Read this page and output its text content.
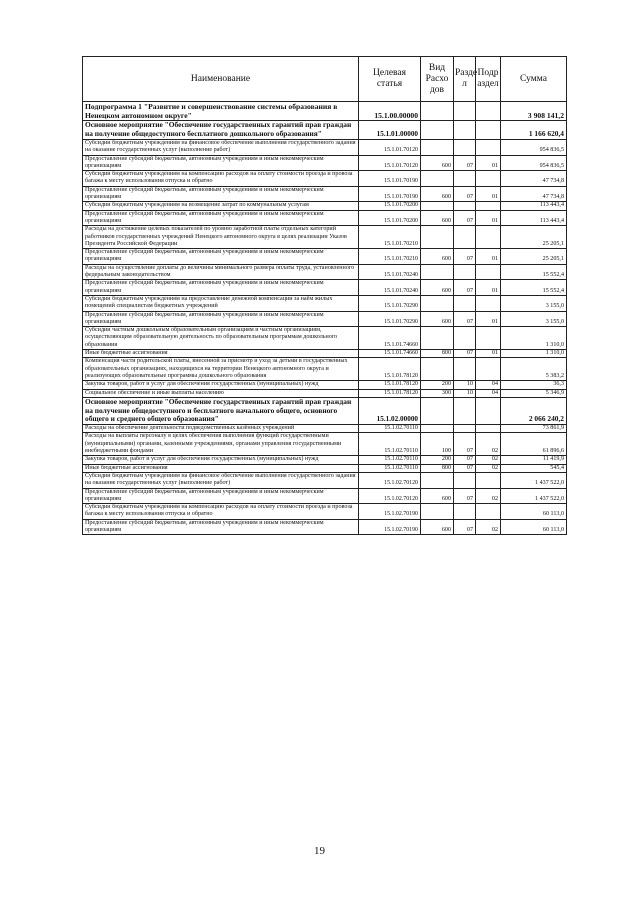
Наименование	Целевая статья	Вид Расхо дов	Разде л	Подр аздел	Сумма
Подпрограмма 1 "Развитие и совершенствование системы образования в Ненецком автономном округе"	15.1.00.00000				3 908 141,2
Основное мероприятие "Обеспечение государственных гарантий прав граждан на получение общедоступного бесплатного дошкольного образования"	15.1.01.00000				1 166 620,4
Субсидии бюджетным учреждениям на финансовое обеспечение выполнения государственного задания на оказание государственных услуг (выполнение работ)	15.1.01.70120				954 836,5
Предоставление субсидий бюджетным, автономным учреждениям и иным некоммерческим организациям	15.1.01.70120	600	07	01	954 836,5
Субсидии бюджетным учреждениям на компенсацию расходов на оплату стоимости проезда и провоза багажа к месту использования отпуска и обратно	15.1.01.70190				47 734,8
Предоставление субсидий бюджетным, автономным учреждениям и иным некоммерческим организациям	15.1.01.70190	600	07	01	47 734,8
Субсидии бюджетным учреждениям на возмещение затрат по коммунальным услугам	15.1.01.70200				113 443,4
Предоставление субсидий бюджетным, автономным учреждениям и иным некоммерческим организациям	15.1.01.70200	600	07	01	113 443,4
Расходы на достижение целевых показателей по уровню заработной платы отдельных категорий работников государственных учреждений Ненецкого автономного округа в целях реализации Указов Президента Российской Федерации	15.1.01.70210				25 205,1
Предоставление субсидий бюджетным, автономным учреждениям и иным некоммерческим организациям	15.1.01.70210	600	07	01	25 205,1
Расходы на осуществление доплаты до величины минимального размера оплаты труда, установленного федеральным законодательством	15.1.01.70240				15 552,4
Предоставление субсидий бюджетным, автономным учреждениям и иным некоммерческим организациям	15.1.01.70240	600	07	01	15 552,4
Субсидии бюджетным учреждениям на предоставление денежной компенсации за наём жилых помещений специалистам бюджетных учреждений	15.1.01.70290				3 155,0
Предоставление субсидий бюджетным, автономным учреждениям и иным некоммерческим организациям	15.1.01.70290	600	07	01	3 155,0
Субсидии частным дошкольным образовательным организациям и частным организациям, осуществляющим образовательную деятельность по образовательным программам дошкольного образования	15.1.01.74660				1 310,0
Иные бюджетные ассигнования	15.1.01.74660	800	07	01	1 310,0
Компенсация части родительской платы, внесенной за присмотр и уход за детьми в государственных образовательных организациях, находящихся на территории Ненецкого автономного округа и реализующих образовательные программы дошкольного образования	15.1.01.78120				5 383,2
Закупка товаров, работ и услуг для обеспечения государственных (муниципальных) нужд	15.1.01.78120	200	10	04	36,3
Социальное обеспечение и иные выплаты населению	15.1.01.78120	300	10	04	5 346,9
Основное мероприятие "Обеспечение государственных гарантий прав граждан на получение общедоступного и бесплатного начального общего, основного общего и среднего общего образования"	15.1.02.00000				2 066 240,2
Расходы на обеспечение деятельности подведомственных казённых учреждений	15.1.02.70110				73 861,9
Расходы на выплаты персоналу в целях обеспечения выполнения функций государственными (муниципальными) органами, казенными учреждениями, органами управления государственными внебюджетными фондами	15.1.02.70110	100	07	02	61 896,6
Закупка товаров, работ и услуг для обеспечения государственных (муниципальных) нужд	15.1.02.70110	200	07	02	11 419,9
Иные бюджетные ассигнования	15.1.02.70110	800	07	02	545,4
Субсидии бюджетным учреждениям на финансовое обеспечение выполнения государственного задания на оказание государственных услуг (выполнение работ)	15.1.02.70120				1 437 522,0
Предоставление субсидий бюджетным, автономным учреждениям и иным некоммерческим организациям	15.1.02.70120	600	07	02	1 437 522,0
Субсидии бюджетным учреждениям на компенсацию расходов на оплату стоимости проезда и провоза багажа к месту использования отпуска и обратно	15.1.02.70190				60 113,0
Предоставление субсидий бюджетным, автономным учреждениям и иным некоммерческим организациям	15.1.02.70190	600	07	02	60 113,0
19
